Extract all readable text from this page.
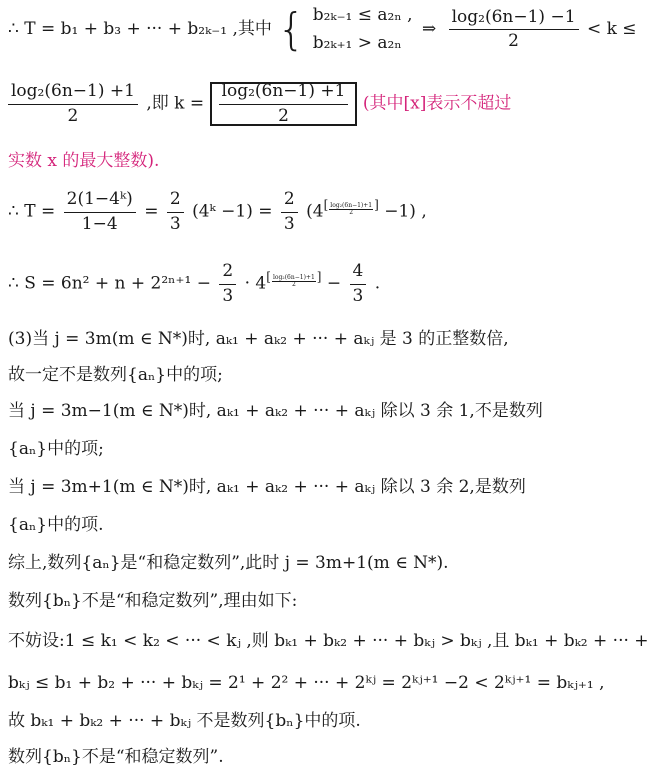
∴ T = b₁ + b₃ + ··· + b₂ₖ₋₁ ,其中 { b₂ₖ₋₁ ≤ a₂ₙ ,
b₂ₖ₊₁ > a₂ₙ
⇒ $\frac{\text{log₂(6n−1) −1}}{2} < k$ ≤
$\frac{\text{log₂(6n−1) +1}}{2}$ ,即 $k = \frac{\text{log₂(6n−1) +1}}{2}$ (其中[x]表示不超过
实数 x 的最大整数).
∴ $T = \frac{\text{2(1−4ᵏ)}}{1-4} = \frac{2}{3}$ (4ᵏ $-1) = \frac{2}{3} (4^[ \frac{\text{log₂(6n−1)+1}}{2} ^] -1)$ ,
∴ $S = 6n^2 + n + 2^{2n+1} - \frac{2}{3} \cdot 4^[ \frac{\text{log₂(6n−1)+1}}{2} ^] - \frac{4}{3}$ .
(3)当 j = 3m(m ∈ N*)时, aₖ₁ + aₖ₂ + ··· + aₖⱼ 是 3 的正整数倍,
故一定不是数列{aₙ}中的项;
当 j = 3m−1(m ∈ N*)时, aₖ₁ + aₖ₂ + ··· + aₖⱼ 除以 3 余 1,不是数列
{aₙ}中的项;
当 j = 3m+1(m ∈ N*)时, aₖ₁ + aₖ₂ + ··· + aₖⱼ 除以 3 余 2,是数列
{aₙ}中的项.
综上,数列{aₙ}是“和稳定数列”,此时 j = 3m+1(m ∈ N*).
数列{bₙ}不是“和稳定数列”,理由如下:
不妨设:1 ≤ k₁ < k₂ < ··· < kⱼ ,则 bₖ₁ + bₖ₂ + ··· + bₖⱼ > bₖⱼ ,且 bₖ₁ + bₖ₂ + ··· +
bₖⱼ ≤ b₁ + b₂ + ··· + bₖⱼ = 2¹ + 2² + ··· + 2ᵏʲ = 2ᵏʲ⁺¹ −2 < 2ᵏʲ⁺¹ = bₖⱼ₊₁ ,
故 bₖ₁ + bₖ₂ + ··· + bₖⱼ 不是数列{bₙ}中的项.
数列{bₙ}不是“和稳定数列”.
